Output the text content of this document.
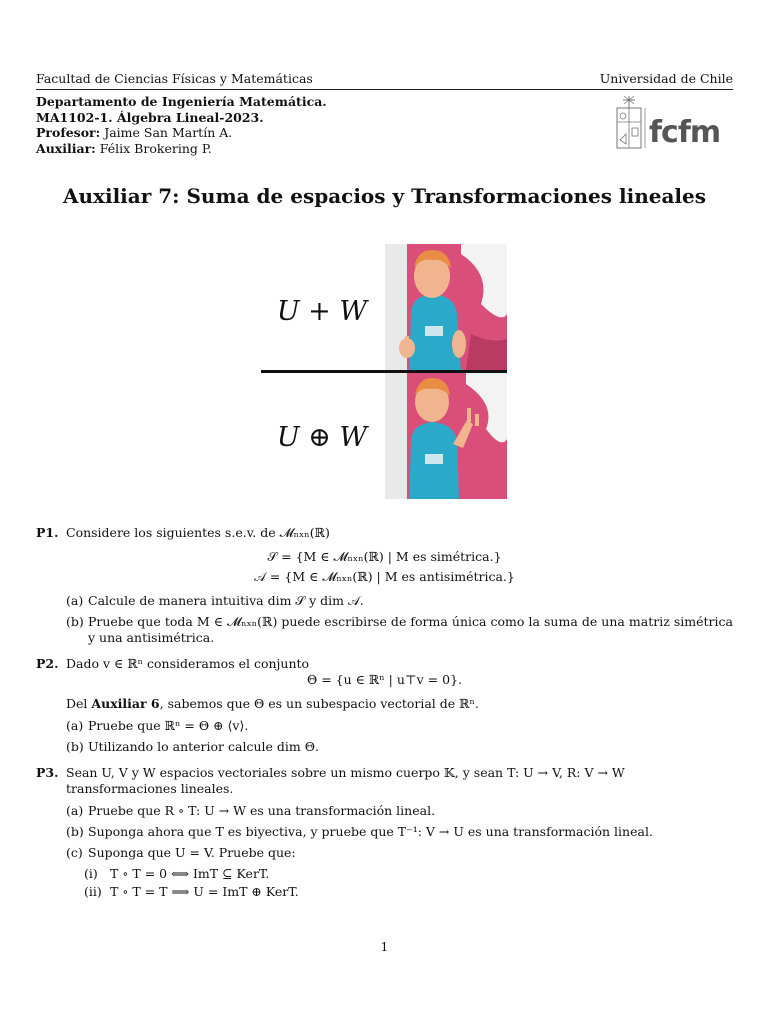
Facultad de Ciencias Físicas y Matemáticas	Universidad de Chile
Departamento de Ingeniería Matemática.
MA1102-1. Álgebra Lineal-2023.
Profesor: Jaime San Martín A.
Auxiliar: Félix Brokering P.	fcfm
Auxiliar 7: Suma de espacios y Transformaciones lineales
U + W
U ⊕ W
P1. Considere los siguientes s.e.v. de 𝓜ₙₓₙ(ℝ)
𝒮 = {M ∈ 𝓜ₙₓₙ(ℝ) | M es simétrica.}
𝒜 = {M ∈ 𝓜ₙₓₙ(ℝ) | M es antisimétrica.}
(a) Calcule de manera intuitiva dim 𝒮 y dim 𝒜.
(b) Pruebe que toda M ∈ 𝓜ₙₓₙ(ℝ) puede escribirse de forma única como la suma de una matriz simétrica y una antisimétrica.
P2. Dado v ∈ ℝⁿ consideramos el conjunto
Θ = {u ∈ ℝⁿ | u⊤v = 0}.
Del Auxiliar 6, sabemos que Θ es un subespacio vectorial de ℝⁿ.
(a) Pruebe que ℝⁿ = Θ ⊕ ⟨v⟩.
(b) Utilizando lo anterior calcule dim Θ.
P3. Sean U, V y W espacios vectoriales sobre un mismo cuerpo 𝕂, y sean T: U → V, R: V → W transformaciones lineales.
(a) Pruebe que R ∘ T: U → W es una transformación lineal.
(b) Suponga ahora que T es biyectiva, y pruebe que T⁻¹: V → U es una transformación lineal.
(c) Suponga que U = V. Pruebe que:
(i) T ∘ T = 0 ⟺ ImT ⊆ KerT.
(ii) T ∘ T = T ⟹ U = ImT ⊕ KerT.
1
